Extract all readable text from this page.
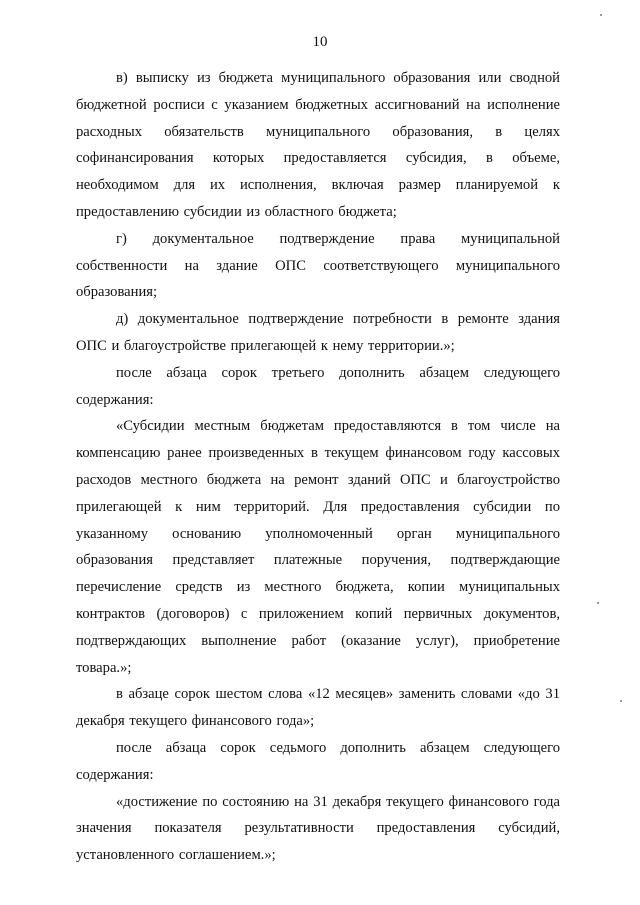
10

в) выписку из бюджета муниципального образования или сводной бюджетной росписи с указанием бюджетных ассигнований на исполнение расходных обязательств муниципального образования, в целях софинансирования которых предоставляется субсидия, в объеме, необходимом для их исполнения, включая размер планируемой к предоставлению субсидии из областного бюджета;

г) документальное подтверждение права муниципальной собственности на здание ОПС соответствующего муниципального образования;

д) документальное подтверждение потребности в ремонте здания ОПС и благоустройстве прилегающей к нему территории.»;

после абзаца сорок третьего дополнить абзацем следующего содержания:

«Субсидии местным бюджетам предоставляются в том числе на компенсацию ранее произведенных в текущем финансовом году кассовых расходов местного бюджета на ремонт зданий ОПС и благоустройство прилегающей к ним территорий. Для предоставления субсидии по указанному основанию уполномоченный орган муниципального образования представляет платежные поручения, подтверждающие перечисление средств из местного бюджета, копии муниципальных контрактов (договоров) с приложением копий первичных документов, подтверждающих выполнение работ (оказание услуг), приобретение товара.»;

в абзаце сорок шестом слова «12 месяцев» заменить словами «до 31 декабря текущего финансового года»;

после абзаца сорок седьмого дополнить абзацем следующего содержания:

«достижение по состоянию на 31 декабря текущего финансового года значения показателя результативности предоставления субсидий, установленного соглашением.»;
